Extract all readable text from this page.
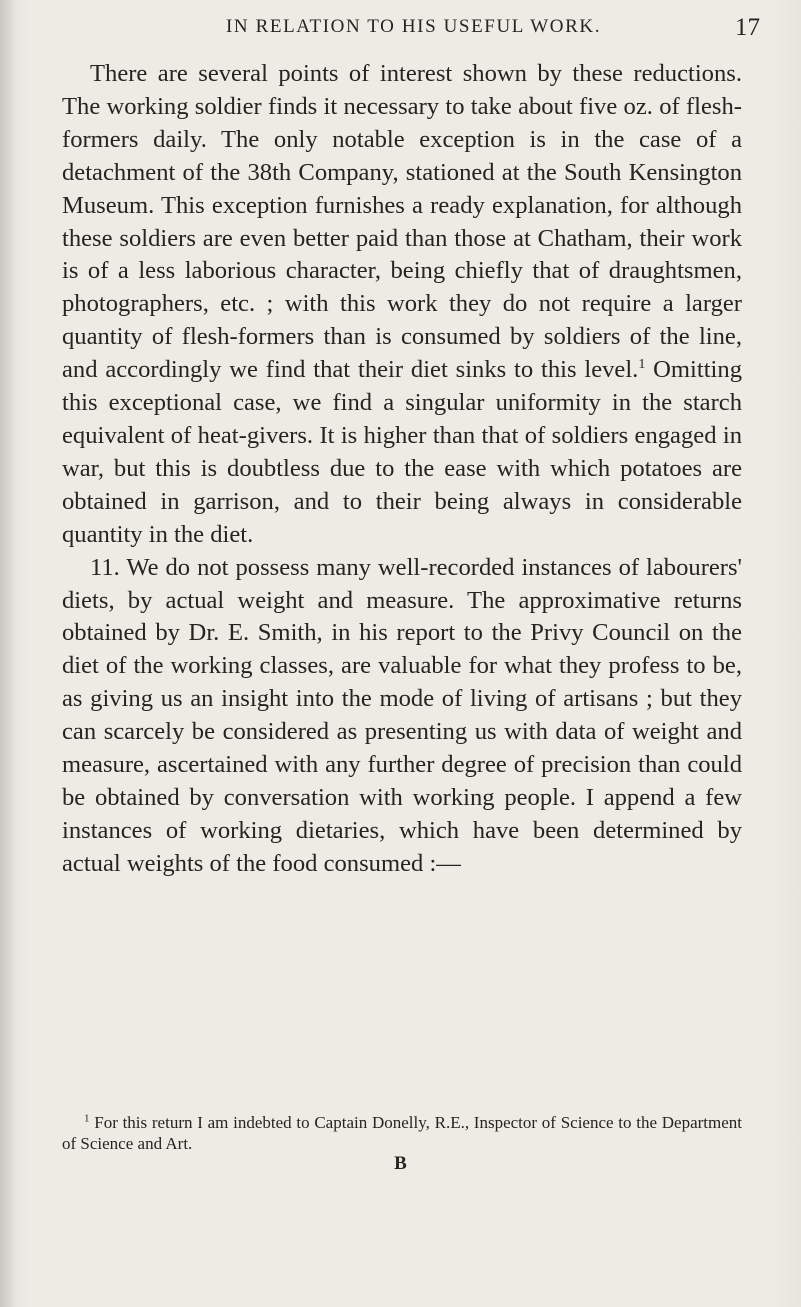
IN RELATION TO HIS USEFUL WORK.	17

There are several points of interest shown by these reductions. The working soldier finds it necessary to take about five oz. of flesh-formers daily. The only notable exception is in the case of a detachment of the 38th Company, stationed at the South Kensington Museum. This exception furnishes a ready explanation, for although these soldiers are even better paid than those at Chatham, their work is of a less laborious character, being chiefly that of draughtsmen, photographers, etc. ; with this work they do not require a larger quantity of flesh-formers than is consumed by soldiers of the line, and accordingly we find that their diet sinks to this level.$^1$ Omitting this exceptional case, we find a singular uniformity in the starch equivalent of heat-givers. It is higher than that of soldiers engaged in war, but this is doubtless due to the ease with which potatoes are obtained in garrison, and to their being always in considerable quantity in the diet.

11. We do not possess many well-recorded instances of labourers' diets, by actual weight and measure. The approximative returns obtained by Dr. E. Smith, in his report to the Privy Council on the diet of the working classes, are valuable for what they profess to be, as giving us an insight into the mode of living of artisans ; but they can scarcely be considered as presenting us with data of weight and measure, ascertained with any further degree of precision than could be obtained by conversation with working people. I append a few instances of working dietaries, which have been determined by actual weights of the food consumed :—

$^1$ For this return I am indebted to Captain Donelly, R.E., Inspector of Science to the Department of Science and Art.
B
